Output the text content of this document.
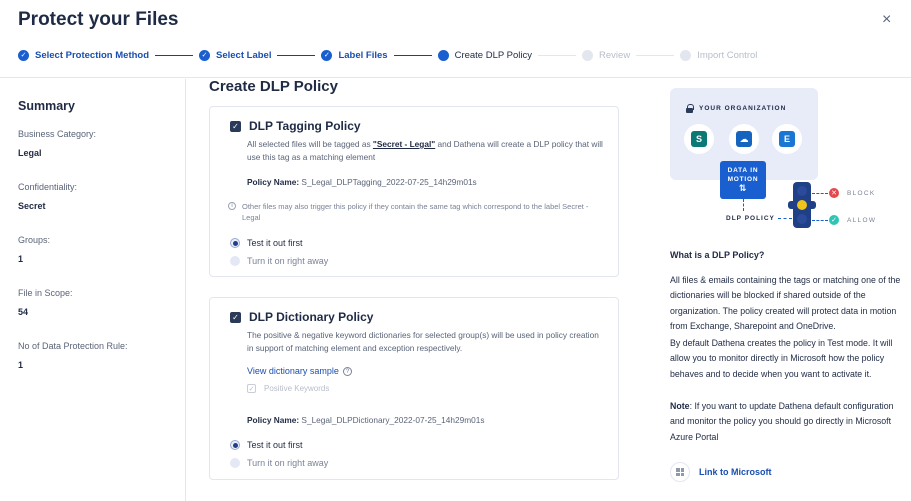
Protect your Files	×
✓ Select Protection Method	✓ Select Label	✓ Label Files	Create DLP Policy	Review	Import Control
Summary
Business Category:
Legal
Confidentiality:
Secret
Groups:
1
File in Scope:
54
No of Data Protection Rule:
1
Create DLP Policy
✓ DLP Tagging Policy
All selected files will be tagged as "Secret - Legal" and Dathena will create a DLP policy that will use this tag as a matching element
Policy Name: S_Legal_DLPTagging_2022-07-25_14h29m01s
i	Other files may also trigger this policy if they contain the same tag which correspond to the label Secret - Legal
Test it out first
Turn it on right away
✓ DLP Dictionary Policy
The positive & negative keyword dictionaries for selected group(s) will be used in policy creation in support of matching element and exception respectively.
View dictionary sample	?
✓ Positive Keywords
Policy Name: S_Legal_DLPDictionary_2022-07-25_14h29m01s
Test it out first
Turn it on right away
YOUR ORGANIZATION
S	☁	E
DATA IN
MOTION
⇅
DLP POLICY
✕	BLOCK
✓	ALLOW
What is a DLP Policy?
All files & emails containing the tags or matching one of the dictionaries will be blocked if shared outside of the organization. The policy created will protect data in motion from Exchange, Sharepoint and OneDrive.
By default Dathena creates the policy in Test mode. It will allow you to monitor directly in Microsoft how the policy behaves and to decide when you want to activate it.
Note: If you want to update Dathena default configuration and monitor the policy you should go directly in Microsoft Azure Portal
Link to Microsoft
